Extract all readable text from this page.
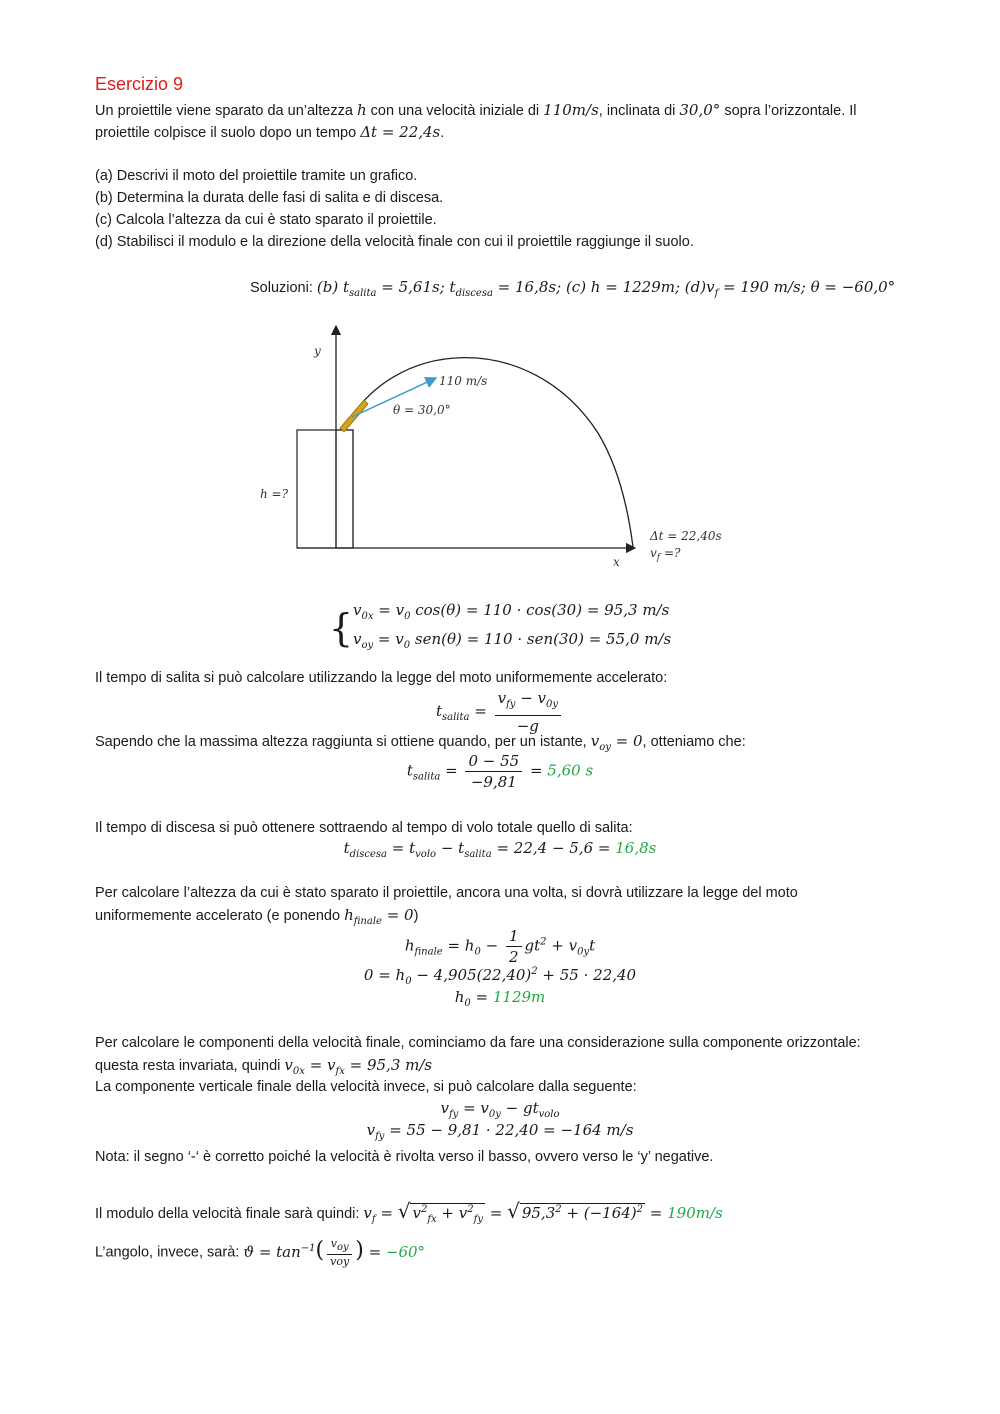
Esercizio 9
Un proiettile viene sparato da un’altezza h con una velocità iniziale di 110m/s, inclinata di 30,0° sopra l’orizzontale. Il
proiettile colpisce il suolo dopo un tempo Δt = 22,4s.
(a) Descrivi il moto del proiettile tramite un grafico.
(b) Determina la durata delle fasi di salita e di discesa.
(c) Calcola l’altezza da cui è stato sparato il proiettile.
(d) Stabilisci il modulo e la direzione della velocità finale con cui il proiettile raggiunge il suolo.
Soluzioni: (b) $t_{salita} = 5,61s$; $t_{discesa} = 16,8s$; (c) h = 1229m; $(d)v_f = 190$ m/s; θ = −60,0°
y
x
h =?
110 m/s
θ = 30,0°
Δt = 22,40s
$v_f$ =?
{ $v_{0x} = v_0$ cos(θ) = 110 · cos(30) = 95,3 m/s
$v_{oy} = v_0$ sen(θ) = 110 · sen(30) = 55,0 m/s
Il tempo di salita si può calcolare utilizzando la legge del moto uniformemente accelerato:
$t_{salita} = \frac{v_{fy} - v_{0y}}{-g}$
Sapendo che la massima altezza raggiunta si ottiene quando, per un istante, $v_{oy} = 0$, otteniamo che:
$t_{salita} = \frac{0 - 55}{-9,81} = 5,60$ s
Il tempo di discesa si può ottenere sottraendo al tempo di volo totale quello di salita:
$t_{discesa} = t_{volo} - t_{salita} = 22,4 - 5,6 = 16,8s$
Per calcolare l’altezza da cui è stato sparato il proiettile, ancora una volta, si dovrà utilizzare la legge del moto
uniformemente accelerato (e ponendo $h_{finale} = 0$)
$h_{finale} = h_0 - \frac{1}{2} gt^2 + v_{0y}t$
$0 = h_0 - 4,905(22,40)^2 + 55 \cdot 22,40$
$h_0 = 1129m$
Per calcolare le componenti della velocità finale, cominciamo da fare una considerazione sulla componente orizzontale:
questa resta invariata, quindi $v_{0x} = v_{fx} = 95,3$ m/s
La componente verticale finale della velocità invece, si può calcolare dalla seguente:
$v_{fy} = v_{0y} - gt_{volo}$
$v_{fy} = 55 - 9,81 \cdot 22,40 = -164$ m/s
Nota: il segno ‘-‘ è corretto poiché la velocità è rivolta verso il basso, ovvero verso le ‘y’ negative.
Il modulo della velocità finale sarà quindi: $v_f$ = √ $v^2_{fx} + v^2_{fy}$ = √ $95,3^2 + (-164)^2 = 190m/s$
L’angolo, invece, sarà: $ϑ = \tan^{-1}( \frac{v_{oy}}{\text{voy}}$ ) = −60°
